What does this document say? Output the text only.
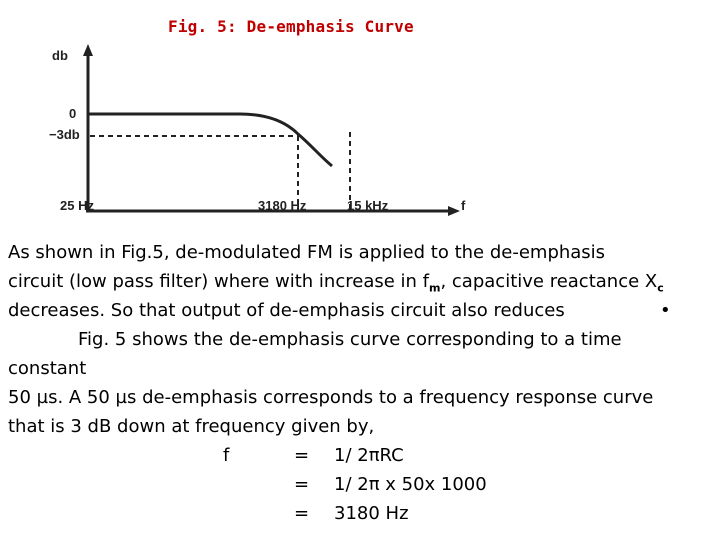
Fig. 5: De-emphasis Curve
db
0
−3db
25 Hz	3180 Hz	15 kHz	f
As shown in Fig.5, de-modulated FM is applied to the de-emphasis
circuit (low pass filter) where with increase in $f_m$, capacitive reactance $X_c$
decreases. So that output of de-emphasis circuit also reduces	•
Fig. 5 shows the de-emphasis curve corresponding to a time
constant
50 µs. A 50 µs de-emphasis corresponds to a frequency response curve
that is 3 dB down at frequency given by,
f	= 1/ 2πRC
= 1/ 2π x 50x 1000
= 3180 Hz
